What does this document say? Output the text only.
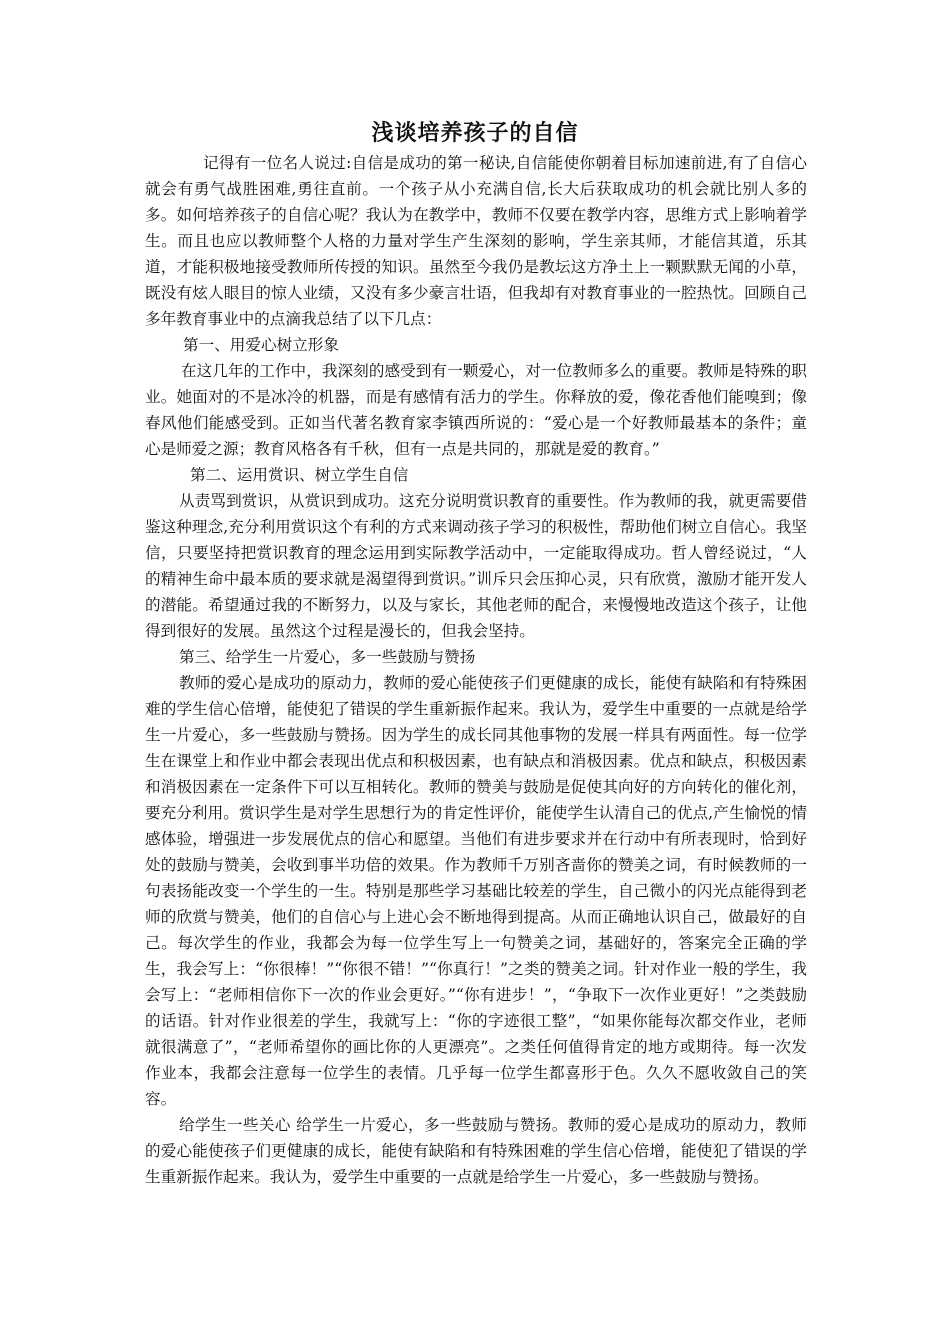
浅谈培养孩子的自信

记得有一位名人说过:自信是成功的第一秘诀,自信能使你朝着目标加速前进,有了自信心就会有勇气战胜困难,勇往直前。一个孩子从小充满自信,长大后获取成功的机会就比别人多的多。如何培养孩子的自信心呢？我认为在教学中，教师不仅要在教学内容，思维方式上影响着学生。而且也应以教师整个人格的力量对学生产生深刻的影响，学生亲其师，才能信其道，乐其道，才能积极地接受教师所传授的知识。虽然至今我仍是教坛这方净土上一颗默默无闻的小草，既没有炫人眼目的惊人业绩，又没有多少豪言壮语，但我却有对教育事业的一腔热忱。回顾自己多年教育事业中的点滴我总结了以下几点：

第一、用爱心树立形象

在这几年的工作中，我深刻的感受到有一颗爱心，对一位教师多么的重要。教师是特殊的职业。她面对的不是冰冷的机器，而是有感情有活力的学生。你释放的爱，像花香他们能嗅到；像春风他们能感受到。正如当代著名教育家李镇西所说的：“爱心是一个好教师最基本的条件；童心是师爱之源；教育风格各有千秋，但有一点是共同的，那就是爱的教育。”

第二、运用赏识、树立学生自信

从责骂到赏识，从赏识到成功。这充分说明赏识教育的重要性。作为教师的我，就更需要借鉴这种理念,充分利用赏识这个有利的方式来调动孩子学习的积极性，帮助他们树立自信心。我坚信，只要坚持把赏识教育的理念运用到实际教学活动中，一定能取得成功。哲人曾经说过，“人的精神生命中最本质的要求就是渴望得到赏识。”训斥只会压抑心灵，只有欣赏，激励才能开发人的潜能。希望通过我的不断努力，以及与家长，其他老师的配合，来慢慢地改造这个孩子，让他得到很好的发展。虽然这个过程是漫长的，但我会坚持。

第三、给学生一片爱心，多一些鼓励与赞扬

教师的爱心是成功的原动力，教师的爱心能使孩子们更健康的成长，能使有缺陷和有特殊困难的学生信心倍增，能使犯了错误的学生重新振作起来。我认为，爱学生中重要的一点就是给学生一片爱心，多一些鼓励与赞扬。因为学生的成长同其他事物的发展一样具有两面性。每一位学生在课堂上和作业中都会表现出优点和积极因素，也有缺点和消极因素。优点和缺点，积极因素和消极因素在一定条件下可以互相转化。教师的赞美与鼓励是促使其向好的方向转化的催化剂，要充分利用。赏识学生是对学生思想行为的肯定性评价，能使学生认清自己的优点,产生愉悦的情感体验，增强进一步发展优点的信心和愿望。当他们有进步要求并在行动中有所表现时，恰到好处的鼓励与赞美，会收到事半功倍的效果。作为教师千万别吝啬你的赞美之词，有时候教师的一句表扬能改变一个学生的一生。特别是那些学习基础比较差的学生，自己微小的闪光点能得到老师的欣赏与赞美，他们的自信心与上进心会不断地得到提高。从而正确地认识自己，做最好的自己。每次学生的作业，我都会为每一位学生写上一句赞美之词，基础好的，答案完全正确的学生，我会写上：“你很棒！”“你很不错！”“你真行！”之类的赞美之词。针对作业一般的学生，我会写上：“老师相信你下一次的作业会更好。”“你有进步！”，“争取下一次作业更好！”之类鼓励的话语。针对作业很差的学生，我就写上：“你的字迹很工整”，“如果你能每次都交作业，老师就很满意了”，“老师希望你的画比你的人更漂亮”。之类任何值得肯定的地方或期待。每一次发作业本，我都会注意每一位学生的表情。几乎每一位学生都喜形于色。久久不愿收敛自己的笑容。

给学生一些关心 给学生一片爱心，多一些鼓励与赞扬。教师的爱心是成功的原动力，教师的爱心能使孩子们更健康的成长，能使有缺陷和有特殊困难的学生信心倍增，能使犯了错误的学生重新振作起来。我认为，爱学生中重要的一点就是给学生一片爱心，多一些鼓励与赞扬。
